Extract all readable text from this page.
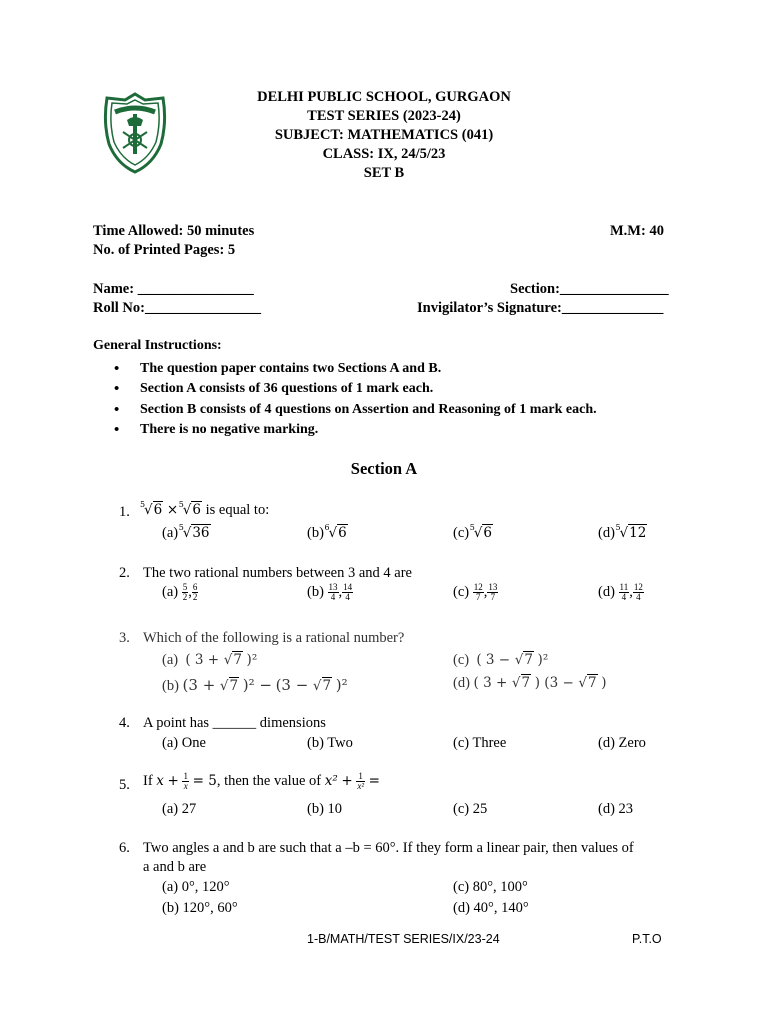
DELHI PUBLIC SCHOOL, GURGAON
TEST SERIES (2023-24)
SUBJECT: MATHEMATICS (041)
CLASS: IX, 24/5/23
SET B
Time Allowed: 50 minutes	M.M: 40
No. of Printed Pages: 5
Name: ________________	Section:_______________
Roll No:________________	Invigilator’s Signature:______________
General Instructions:
• The question paper contains two Sections A and B.
• Section A consists of 36 questions of 1 mark each.
• Section B consists of 4 questions on Assertion and Reasoning of 1 mark each.
• There is no negative marking.
Section A
1. 5
√6 × 5
√6 is equal to:
(a) 5
√36	(b) 6
√6	(c) 5
√6	(d) 5
√12
2. The two rational numbers between 3 and 4 are
$(a) \frac{5}{2}$ , $\frac{6}{2}$	$(b) \frac{13}{4}$ , $\frac{14}{4}$	$(c) \frac{12}{7}$ , $\frac{13}{7}$	$(d) \frac{11}{4}$ , $\frac{12}{4}$
3. Which of the following is a rational number?
(a) ( 3 + √7 )²	(c) ( 3 − √7 )²
(b) (3 + √7 )² − (3 − √7 )²	(d) ( 3 + √7 ) (3 − √7 )
4. A point has ______ dimensions
(a) One	(b) Two	(c) Three	(d) Zero
5. If $x + \frac{1}{x} = 5$, then the value of $x^2 + \frac{1}{\text{x²}}$ =
(a) 27	(b) 10	(c) 25	(d) 23
6. Two angles a and b are such that a –b = 60°. If they form a linear pair, then values of
a and b are
(a) 0°, 120°	(c) 80°, 100°
(b) 120°, 60°	(d) 40°, 140°
1-B/MATH/TEST SERIES/IX/23-24	P.T.O
